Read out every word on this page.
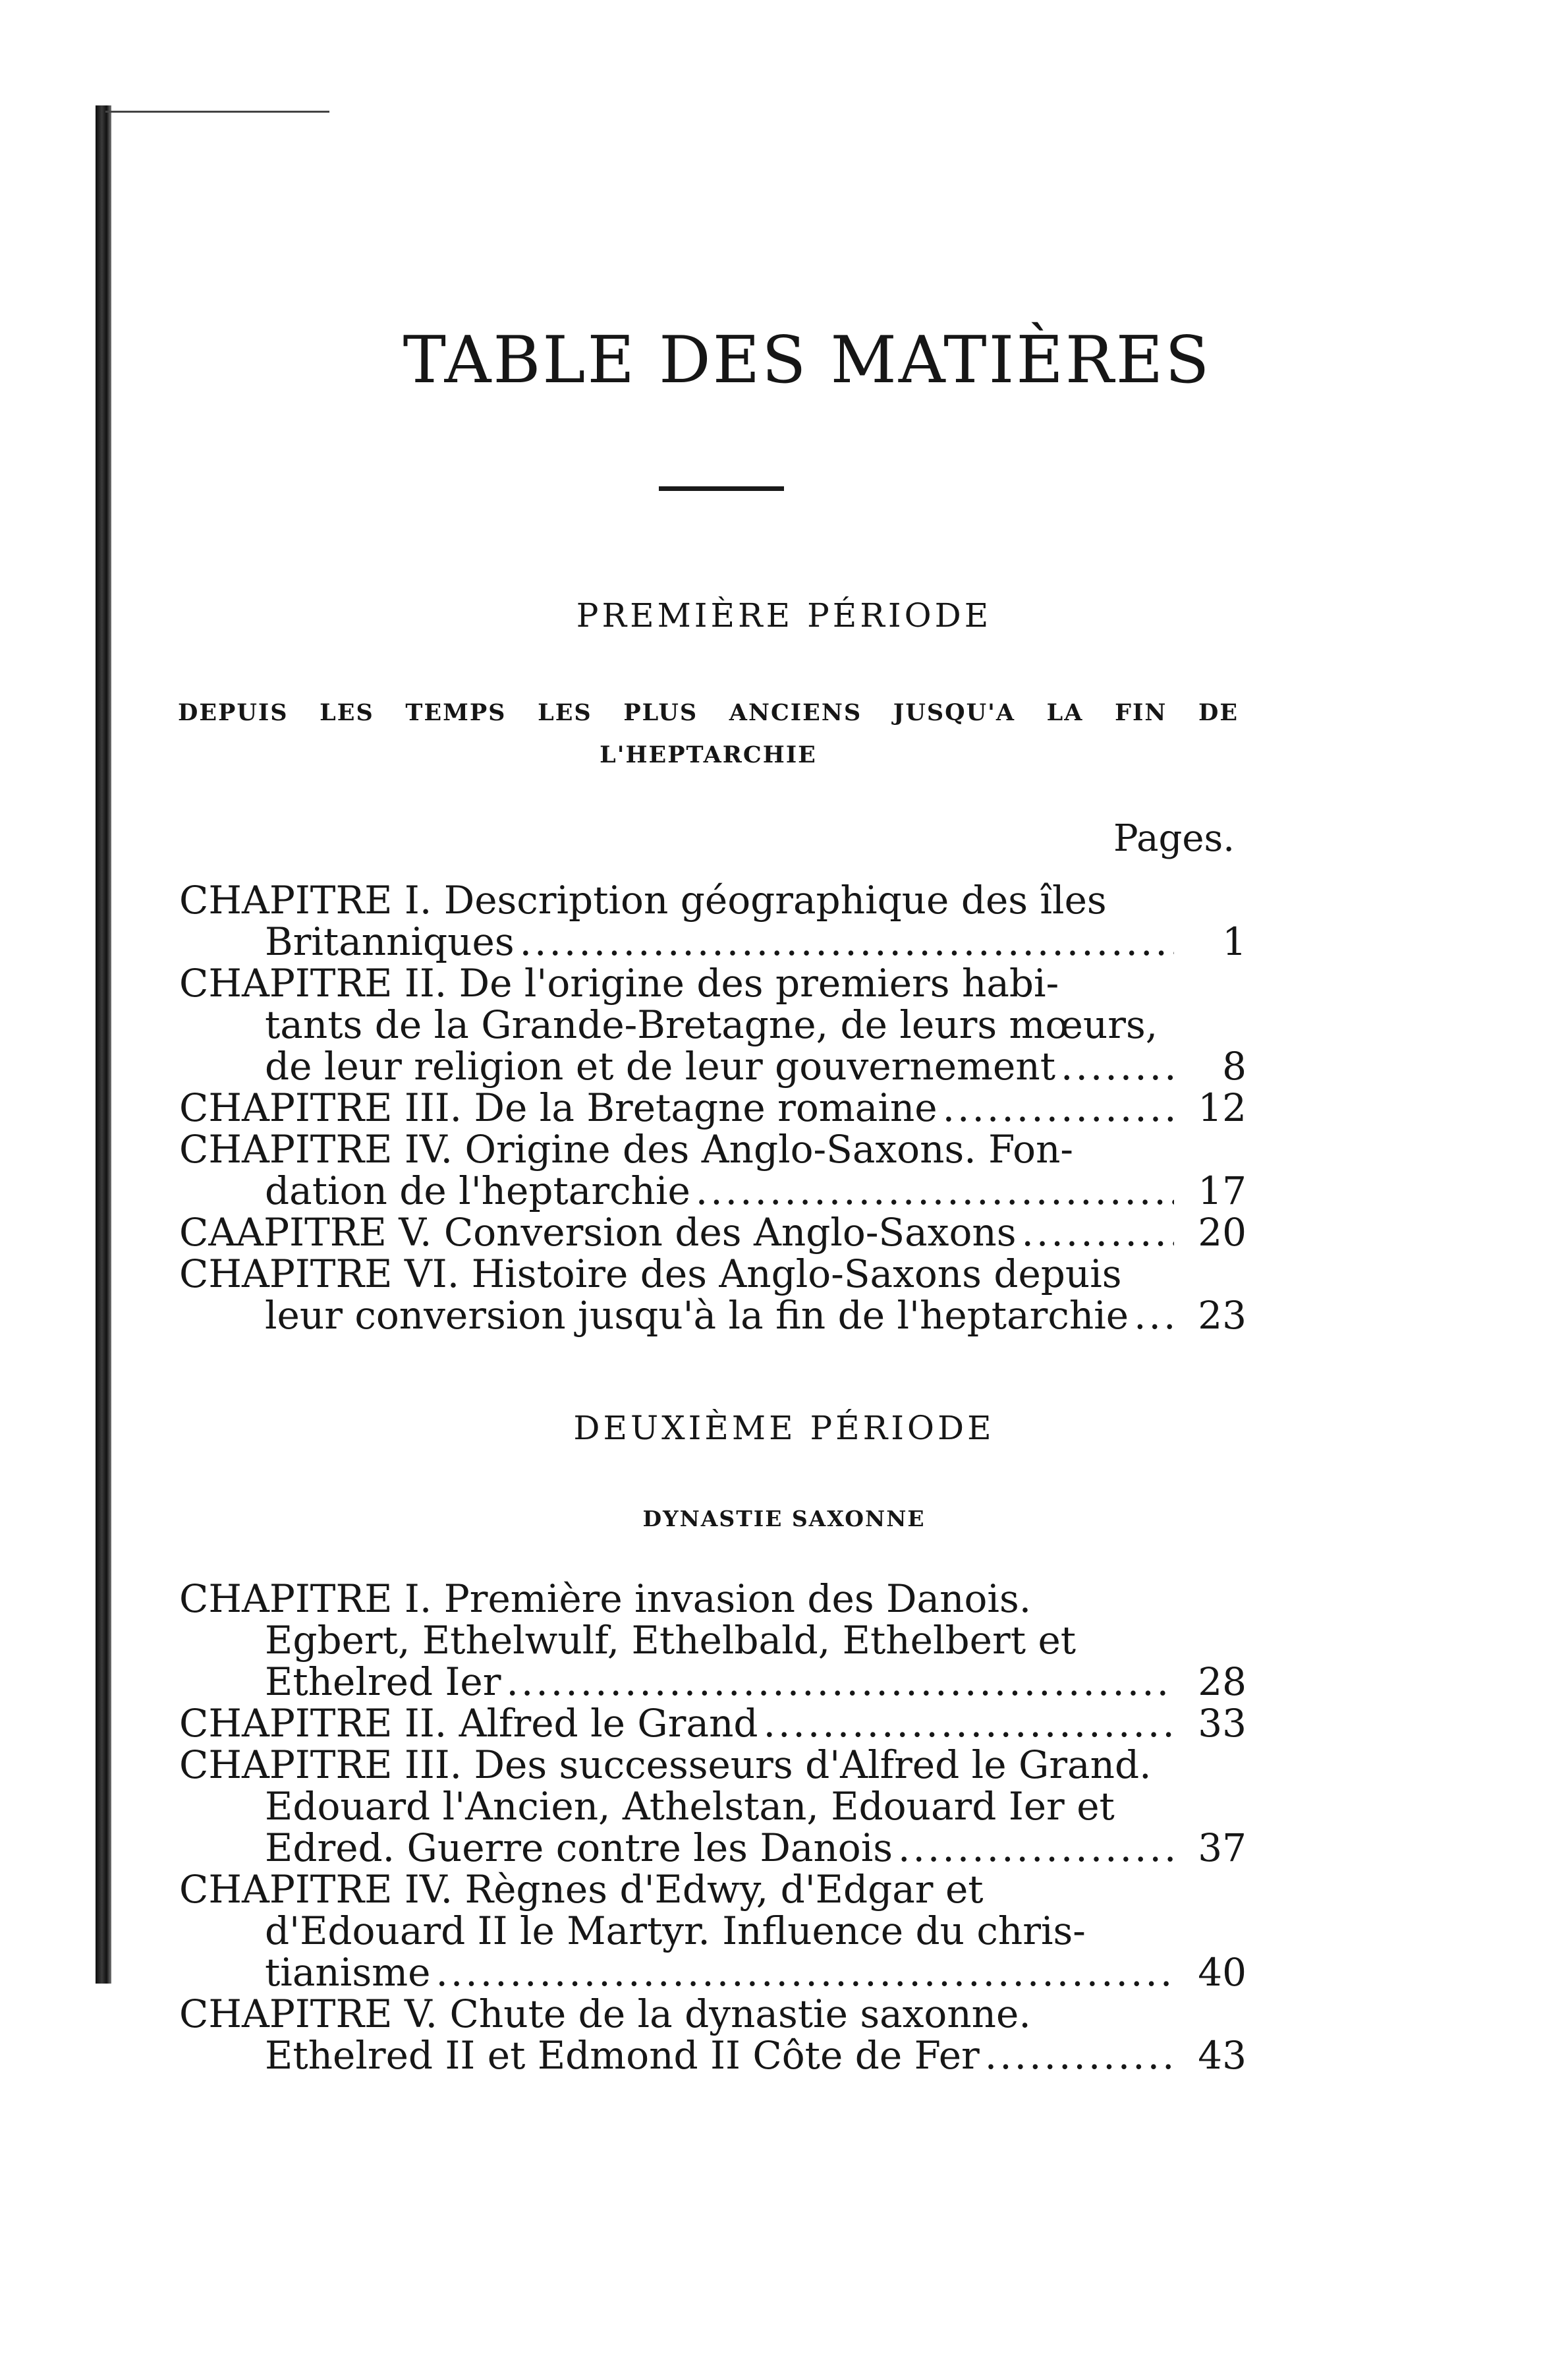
TABLE DES MATIÈRES
PREMIÈRE PÉRIODE
DEPUIS LES TEMPS LES PLUS ANCIENS JUSQU'A LA FIN DE L'HEPTARCHIE
Pages.
CHAPITRE I. Description géographique des îles
Britanniques .....	1
CHAPITRE II. De l'origine des premiers habi-
tants de la Grande-Bretagne, de leurs mœurs,
de leur religion et de leur gouvernement .....	8
CHAPITRE III. De la Bretagne romaine .....	12
CHAPITRE IV. Origine des Anglo-Saxons. Fon-
dation de l'heptarchie .....	17
CAAPITRE V. Conversion des Anglo-Saxons .....	20
CHAPITRE VI. Histoire des Anglo-Saxons depuis
leur conversion jusqu'à la fin de l'heptarchie .....	23
DEUXIÈME PÉRIODE
DYNASTIE SAXONNE
CHAPITRE I. Première invasion des Danois.
Egbert, Ethelwulf, Ethelbald, Ethelbert et
Ethelred Ier .....	28
CHAPITRE II. Alfred le Grand .....	33
CHAPITRE III. Des successeurs d'Alfred le Grand.
Edouard l'Ancien, Athelstan, Edouard Ier et
Edred. Guerre contre les Danois .....	37
CHAPITRE IV. Règnes d'Edwy, d'Edgar et
d'Edouard II le Martyr. Influence du chris-
tianisme .....	40
CHAPITRE V. Chute de la dynastie saxonne.
Ethelred II et Edmond II Côte de Fer .....	43
